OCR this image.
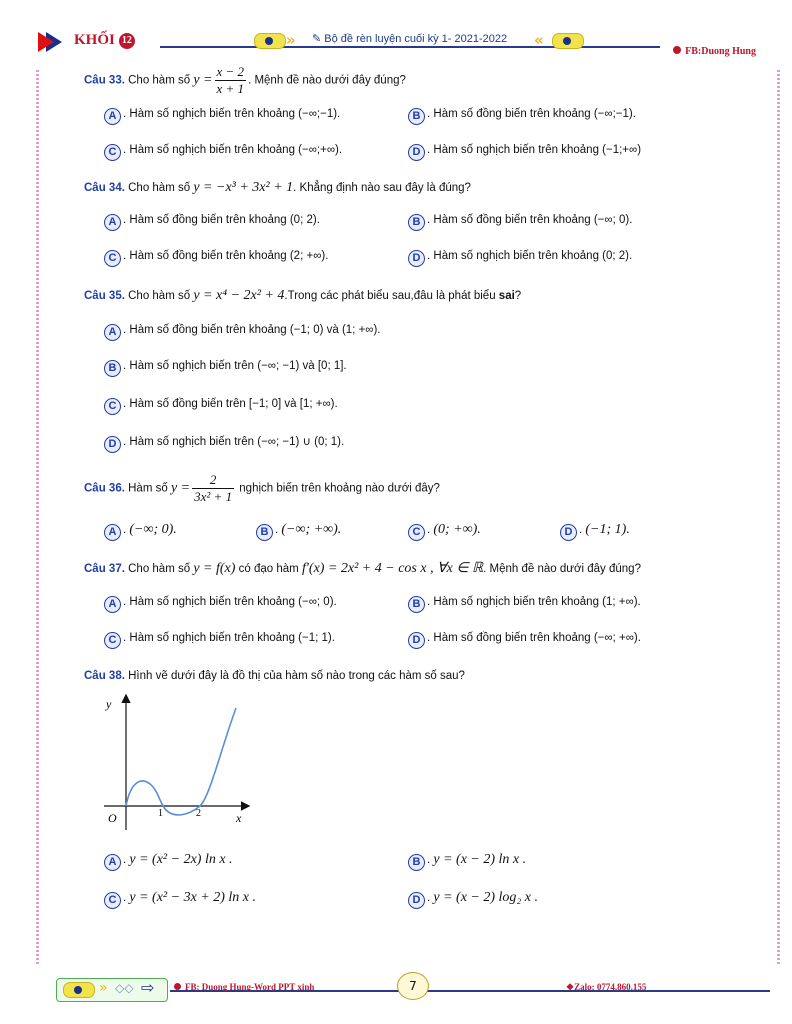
KHỐI 12	» ✎ Bộ đề rèn luyện cuối kỳ 1- 2021-2022 «
FB:Duong Hung
Câu 33. Cho hàm số $y = \frac{x - 2}{x + 1}$ . Mệnh đề nào dưới đây đúng?
A . Hàm số nghịch biến trên khoảng (−∞;−1).	B . Hàm số đồng biến trên khoảng (−∞;−1).
C . Hàm số nghịch biến trên khoảng (−∞;+∞).	D . Hàm số nghịch biến trên khoảng (−1;+∞)
Câu 34. Cho hàm số y = −x³ + 3x² + 1. Khẳng định nào sau đây là đúng?
A . Hàm số đồng biến trên khoảng (0; 2).	B . Hàm số đồng biến trên khoảng (−∞; 0).
C . Hàm số đồng biến trên khoảng (2; +∞).	D . Hàm số nghịch biến trên khoảng (0; 2).
Câu 35. Cho hàm số y = x⁴ − 2x² + 4.Trong các phát biểu sau,đâu là phát biểu sai?
A . Hàm số đồng biến trên khoảng (−1; 0) và (1; +∞).
B . Hàm số nghịch biến trên (−∞; −1) và [0; 1].
C . Hàm số đồng biến trên [−1; 0] và [1; +∞).
D . Hàm số nghịch biến trên (−∞; −1) ∪ (0; 1).
Câu 36. Hàm số $y = \frac{2}{\text{3x² + 1}}$ nghịch biến trên khoảng nào dưới đây?
A . (−∞; 0).	B . (−∞; +∞).	C . (0; +∞).	D . (−1; 1).
Câu 37. Cho hàm số y = f(x) có đạo hàm f′(x) = 2x² + 4 − cos x , ∀x ∈ ℝ. Mệnh đề nào dưới đây đúng?
A . Hàm số nghịch biến trên khoảng (−∞; 0).	B . Hàm số nghịch biến trên khoảng (1; +∞).
C . Hàm số nghịch biến trên khoảng (−1; 1).	D . Hàm số đồng biến trên khoảng (−∞; +∞).
Câu 38. Hình vẽ dưới đây là đồ thị của hàm số nào trong các hàm số sau?
A . y = (x² − 2x) ln x .	B . y = (x − 2) ln x .
C . y = (x² − 3x + 2) ln x .	D . y = (x − 2) log₂ x .
y
O	1	2	x
» ◇◇ ⇨	FB: Duong Hung-Word PPT xinh	7	❖Zalo: 0774.860.155
